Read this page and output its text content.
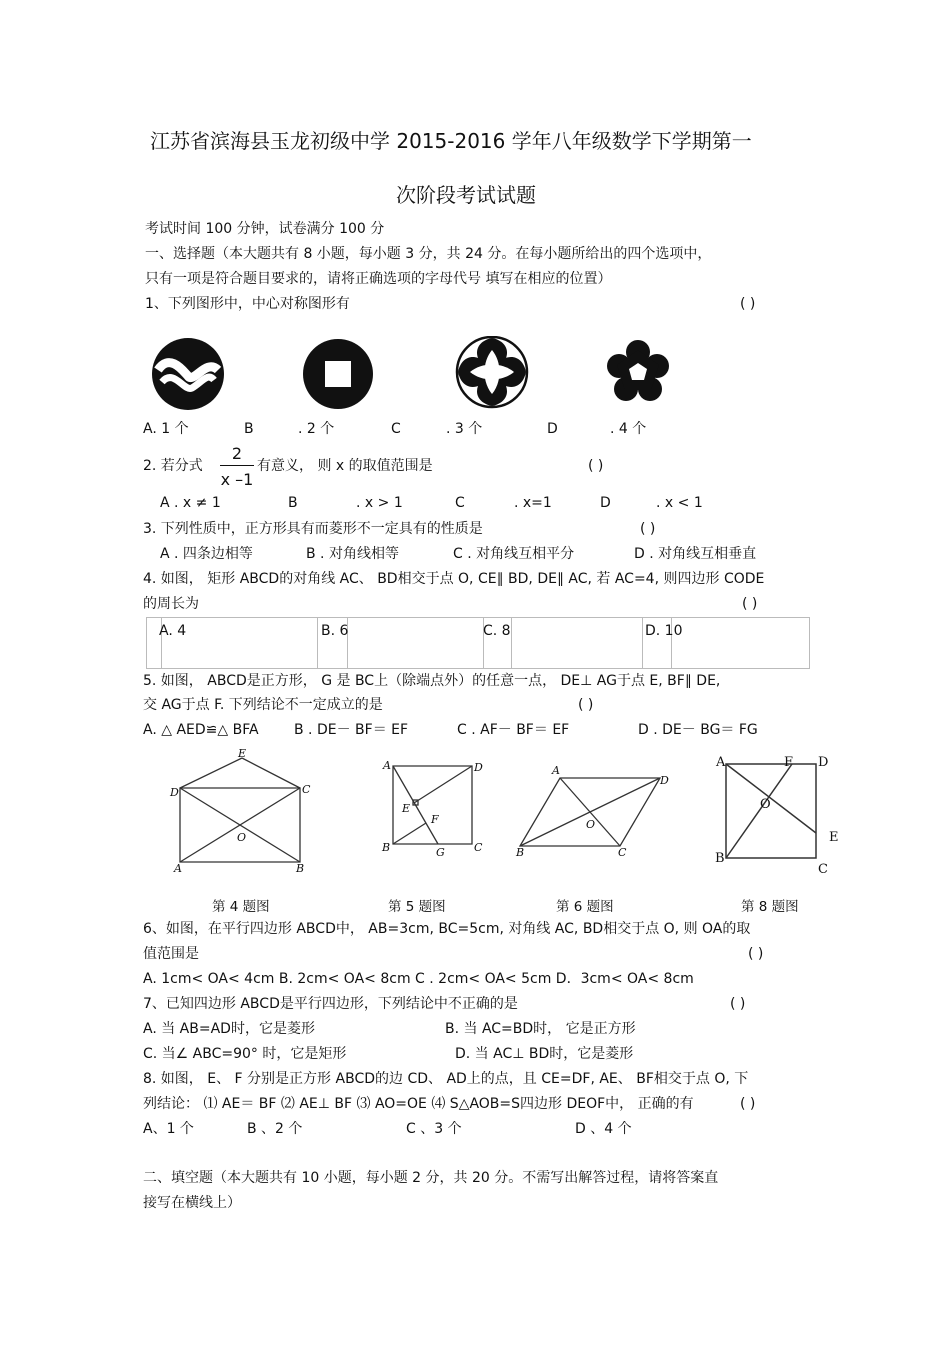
江苏省滨海县玉龙初级中学 2015-2016 学年八年级数学下学期第一
次阶段考试试题
考试时间 100 分钟，试卷满分 100 分
一、选择题（本大题共有 8 小题，每小题 3 分，共 24 分。在每小题所给出的四个选项中，
只有一项是符合题目要求的，请将正确选项的字母代号 填写在相应的位置）
1、下列图形中，中心对称图形有	( )
A. 1 个	B	. 2 个	C	. 3 个	D	. 4 个
2. 若分式
2
x –1
有意义， 则 x 的取值范围是	( )
A . x ≠ 1	B	. x > 1	C	. x=1	D	. x < 1
3. 下列性质中，正方形具有而菱形不一定具有的性质是	( )
A . 四条边相等	B . 对角线相等	C . 对角线互相平分	D . 对角线互相垂直
4. 如图， 矩形 ABCD的对角线 AC、 BD相交于点 O, CE∥ BD, DE∥ AC, 若 AC=4, 则四边形 CODE
的周长为	( )
A. 4	B. 6	C. 8	D. 10
5. 如图， ABCD是正方形， G 是 BC上（除端点外）的任意一点， DE⊥ AG于点 E, BF∥ DE,
交 AG于点 F. 下列结论不一定成立的是	( )
A. △ AED≌△ BFA	B . DE－ BF＝ EF	C . AF－ BF＝ EF	D . DE－ BG＝ FG
E
D	C
O
A	B
A	D
E
F
B	G	C
A
D
O
B	C
A	F D
O
E
B
C
第 4 题图	第 5 题图	第 6 题图	第 8 题图
6、如图，在平行四边形 ABCD中， AB=3cm, BC=5cm, 对角线 AC, BD相交于点 O, 则 OA的取
值范围是	( )
A. 1cm< OA< 4cm B. 2cm< OA< 8cm C . 2cm< OA< 5cm D．3cm< OA< 8cm
7、已知四边形 ABCD是平行四边形，下列结论中不正确的是	( )
A. 当 AB=AD时，它是菱形	B. 当 AC=BD时， 它是正方形
C. 当∠ ABC=90° 时，它是矩形	D. 当 AC⊥ BD时，它是菱形
8. 如图， E、 F 分别是正方形 ABCD的边 CD、 AD上的点，且 CE=DF, AE、 BF相交于点 O, 下
列结论： ⑴ AE＝ BF ⑵ AE⊥ BF ⑶ AO=OE ⑷ S△AOB=S四边形 DEOF中， 正确的有	( )
A、1 个	B 、2 个	C 、3 个	D 、4 个
二、填空题（本大题共有 10 小题，每小题 2 分，共 20 分。不需写出解答过程，请将答案直
接写在横线上）
